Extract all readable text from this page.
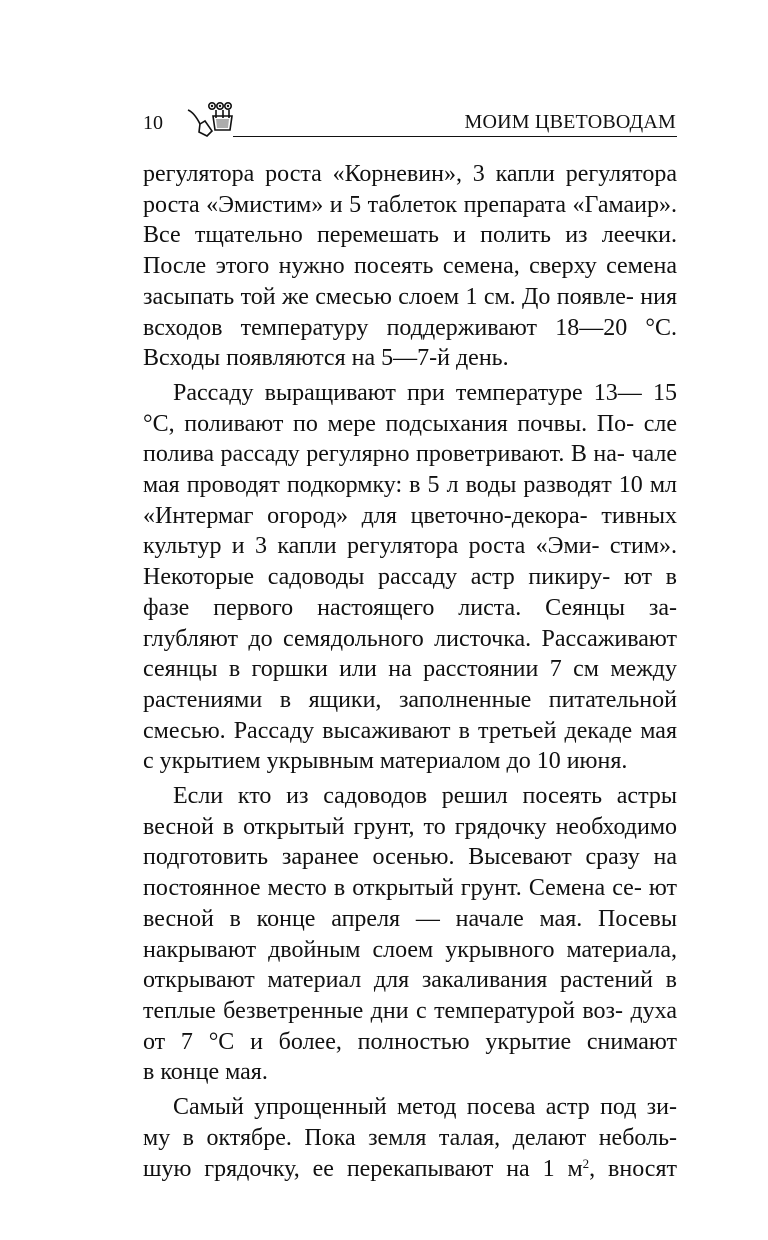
10	МОИМ ЦВЕТОВОДАМ

регулятора роста «Корневин», 3 капли регулятора роста «Эмистим» и 5 таблеток препарата «Гамаир». Все тщательно перемешать и полить из леечки. После этого нужно посеять семена, сверху семена засыпать той же смесью слоем 1 см. До появле- ния всходов температуру поддерживают 18—20 °С.

Всходы появляются на 5—7-й день.

Рассаду выращивают при температуре 13— 15 °С, поливают по мере подсыхания почвы. По- сле полива рассаду регулярно проветривают. В на- чале мая проводят подкормку: в 5 л воды разводят 10 мл «Интермаг огород» для цветочно-декора- тивных культур и 3 капли регулятора роста «Эми- стим». Некоторые садоводы рассаду астр пикиру- ют в фазе первого настоящего листа. Сеянцы за- глубляют до семядольного листочка. Рассаживают сеянцы в горшки или на расстоянии 7 см между растениями в ящики, заполненные питательной смесью. Рассаду высаживают в третьей декаде мая

с укрытием укрывным материалом до 10 июня.

Если кто из садоводов решил посеять астры весной в открытый грунт, то грядочку необходимо подготовить заранее осенью. Высевают сразу на постоянное место в открытый грунт. Семена се- ют весной в конце апреля — начале мая. Посевы накрывают двойным слоем укрывного материала, открывают материал для закаливания растений в теплые безветренные дни с температурой воз- духа от 7 °С и более, полностью укрытие снимают

в конце мая.

Самый упрощенный метод посева астр под зи- му в октябре. Пока земля талая, делают неболь- шую грядочку, ее перекапывают на 1 $м^2$, вносят
